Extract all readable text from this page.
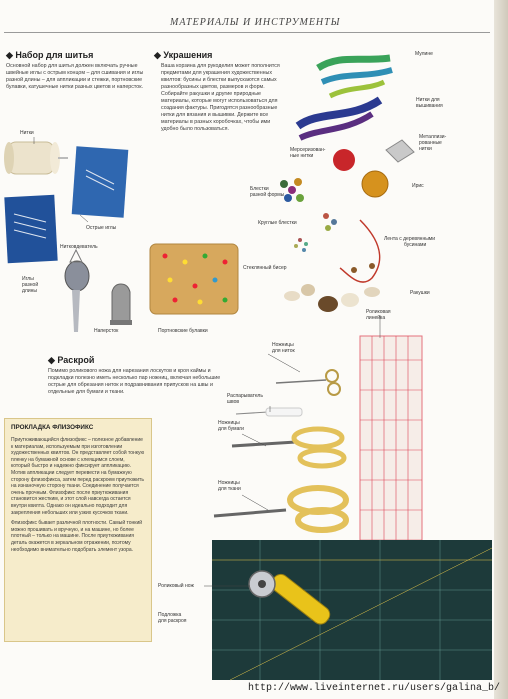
МАТЕРИАЛЫ И ИНСТРУМЕНТЫ
◆ Набор для шитья
Основной набор для шитья должен включать ручные швейные иглы с острым концом – для сшивания и иглы разной длины – для аппликации и стежки, портновские булавки, катушечные нитки разных цветов и наперсток.
◆ Украшения
Ваша корзина для рукоделия может пополнится предметами для украшения художественных квилтов: бусины и блестки выпускаются самых разнообразных цветов, размеров и форм. Собирайте ракушки и другие природные материалы, которые могут использоваться для создания фактуры. Пригодятся разнообразные нитки для вязания и вышивки. Держите все материалы в разных коробочках, чтобы ими удобно было пользоваться.
◆ Раскрой
Помимо роликового ножа для нарезания лоскутов и кроя каймы и подкладки полезно иметь несколько пар ножниц, включая небольшие острые для обрезания ниток и подравнивания припусков на швы и отдельные для бумаги и ткани.
ПРОКЛАДКА ФЛИЗОФИКС
Приутюживающийся флизофикс – полезное добавление к материалам, используемым при изготовлении художественных квилтов. Он представляет собой тонкую пленку на бумажной основе с клеящимся слоем, который быстро и надежно фиксирует аппликацию. Мотив аппликации следует перевести на бумажную сторону флизофикса, затем перед раскроем приутюжить на изнаночную сторону ткани. Соединение получается очень прочным. Флизофикс после приутюживания становится жестким, и этот слой навсегда остается внутри квилта. Однако он идеально подходит для закрепления небольших или узких кусочков ткани.
Флизофикс бывает различной плотности. Самый тонкий можно прошивать и вручную, и на машине, но более плотный – только на машине. После приутюживания деталь окажется в зеркальном отражении, поэтому необходимо внимательно подобрать элемент узора.
Нитки
Острые иглы
Иглы
разной
длины
Нитковдеватель
Наперсток	Портновские булавки
Мулине
Нитки для
вышивания
Мерсеризован-
ные нитки
Металлизи-
рованные
нитки
Ирис
Блестки
разной формы
Круглые блестки
Лента с деревянными
бусинами
Стеклянный бисер
Ракушки
Ножницы
для ниток
Распарыватель
швов
Ножницы
для бумаги
Ножницы
для ткани
Роликовая
линейка
Роликовый нож
Подложка
для раскроя
http://www.liveinternet.ru/users/galina_b/
